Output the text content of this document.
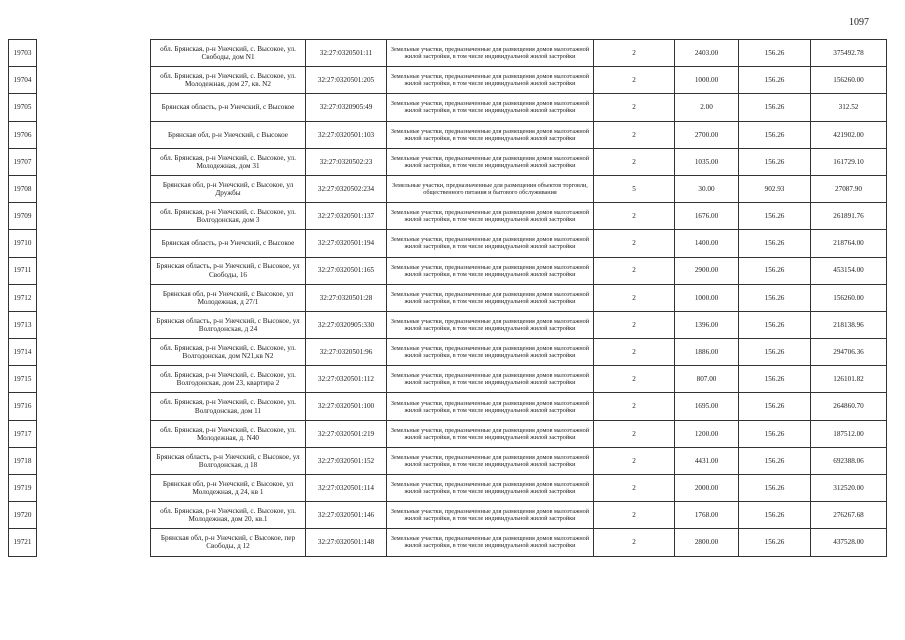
1097
19703		обл. Брянская, р-н Унечский, с. Высокое, ул. Свободы, дом N1	32:27:0320501:11	Земельные участки, предназначенные для размещения домов малоэтажной жилой застройки, в том числе индивидуальной жилой застройки	2	2403.00	156.26	375492.78
19704		обл. Брянская, р-н Унечский, с. Высокое, ул. Молодежная, дом 27, кв. N2	32:27:0320501:205	Земельные участки, предназначенные для размещения домов малоэтажной жилой застройки, в том числе индивидуальной жилой застройки	2	1000.00	156.26	156260.00
19705		Брянская область, р-н Унечский, с Высокое	32:27:0320905:49	Земельные участки, предназначенные для размещения домов малоэтажной жилой застройки, в том числе индивидуальной жилой застройки	2	2.00	156.26	312.52
19706		Брянская обл, р-н Унечский, с Высокое	32:27:0320501:103	Земельные участки, предназначенные для размещения домов малоэтажной жилой застройки, в том числе индивидуальной жилой застройки	2	2700.00	156.26	421902.00
19707		обл. Брянская, р-н Унечский, с. Высокое, ул. Молодежная, дом 31	32:27:0320502:23	Земельные участки, предназначенные для размещения домов малоэтажной жилой застройки, в том числе индивидуальной жилой застройки	2	1035.00	156.26	161729.10
19708		Брянская обл, р-н Унечский, с Высокое, ул Дружбы	32:27:0320502:234	Земельные участки, предназначенные для размещения объектов торговли, общественного питания и бытового обслуживания	5	30.00	902.93	27087.90
19709		обл. Брянская, р-н Унечский, с. Высокое, ул. Волгодонская, дом 3	32:27:0320501:137	Земельные участки, предназначенные для размещения домов малоэтажной жилой застройки, в том числе индивидуальной жилой застройки	2	1676.00	156.26	261891.76
19710		Брянская область, р-н Унечский, с Высокое	32:27:0320501:194	Земельные участки, предназначенные для размещения домов малоэтажной жилой застройки, в том числе индивидуальной жилой застройки	2	1400.00	156.26	218764.00
19711		Брянская область, р-н Унечский, с Высокое, ул Свободы, 16	32:27:0320501:165	Земельные участки, предназначенные для размещения домов малоэтажной жилой застройки, в том числе индивидуальной жилой застройки	2	2900.00	156.26	453154.00
19712		Брянская обл, р-н Унечский, с Высокое, ул Молодежная, д 27/1	32:27:0320501:28	Земельные участки, предназначенные для размещения домов малоэтажной жилой застройки, в том числе индивидуальной жилой застройки	2	1000.00	156.26	156260.00
19713		Брянская область, р-н Унечский, с Высокое, ул Волгодонская, д 24	32:27:0320905:330	Земельные участки, предназначенные для размещения домов малоэтажной жилой застройки, в том числе индивидуальной жилой застройки	2	1396.00	156.26	218138.96
19714		обл. Брянская, р-н Унечский, с. Высокое, ул. Волгодонская, дом N21,кв N2	32:27:0320501:96	Земельные участки, предназначенные для размещения домов малоэтажной жилой застройки, в том числе индивидуальной жилой застройки	2	1886.00	156.26	294706.36
19715		обл. Брянская, р-н Унечский, с. Высокое, ул. Волгодонская, дом 23, квартира 2	32:27:0320501:112	Земельные участки, предназначенные для размещения домов малоэтажной жилой застройки, в том числе индивидуальной жилой застройки	2	807.00	156.26	126101.82
19716		обл. Брянская, р-н Унечский, с. Высокое, ул. Волгодонская, дом 11	32:27:0320501:100	Земельные участки, предназначенные для размещения домов малоэтажной жилой застройки, в том числе индивидуальной жилой застройки	2	1695.00	156.26	264860.70
19717		обл. Брянская, р-н Унечский, с. Высокое, ул. Молодежная, д. N40	32:27:0320501:219	Земельные участки, предназначенные для размещения домов малоэтажной жилой застройки, в том числе индивидуальной жилой застройки	2	1200.00	156.26	187512.00
19718		Брянская область, р-н Унечский, с Высокое, ул Волгодонская, д 18	32:27:0320501:152	Земельные участки, предназначенные для размещения домов малоэтажной жилой застройки, в том числе индивидуальной жилой застройки	2	4431.00	156.26	692388.06
19719		Брянская обл, р-н Унечский, с Высокое, ул Молодежная, д 24, кв 1	32:27:0320501:114	Земельные участки, предназначенные для размещения домов малоэтажной жилой застройки, в том числе индивидуальной жилой застройки	2	2000.00	156.26	312520.00
19720		обл. Брянская, р-н Унечский, с. Высокое, ул. Молодежная, дом 20, кв.1	32:27:0320501:146	Земельные участки, предназначенные для размещения домов малоэтажной жилой застройки, в том числе индивидуальной жилой застройки	2	1768.00	156.26	276267.68
19721		Брянская обл, р-н Унечский, с Высокое, пер Свободы, д 12	32:27:0320501:148	Земельные участки, предназначенные для размещения домов малоэтажной жилой застройки, в том числе индивидуальной жилой застройки	2	2800.00	156.26	437528.00
